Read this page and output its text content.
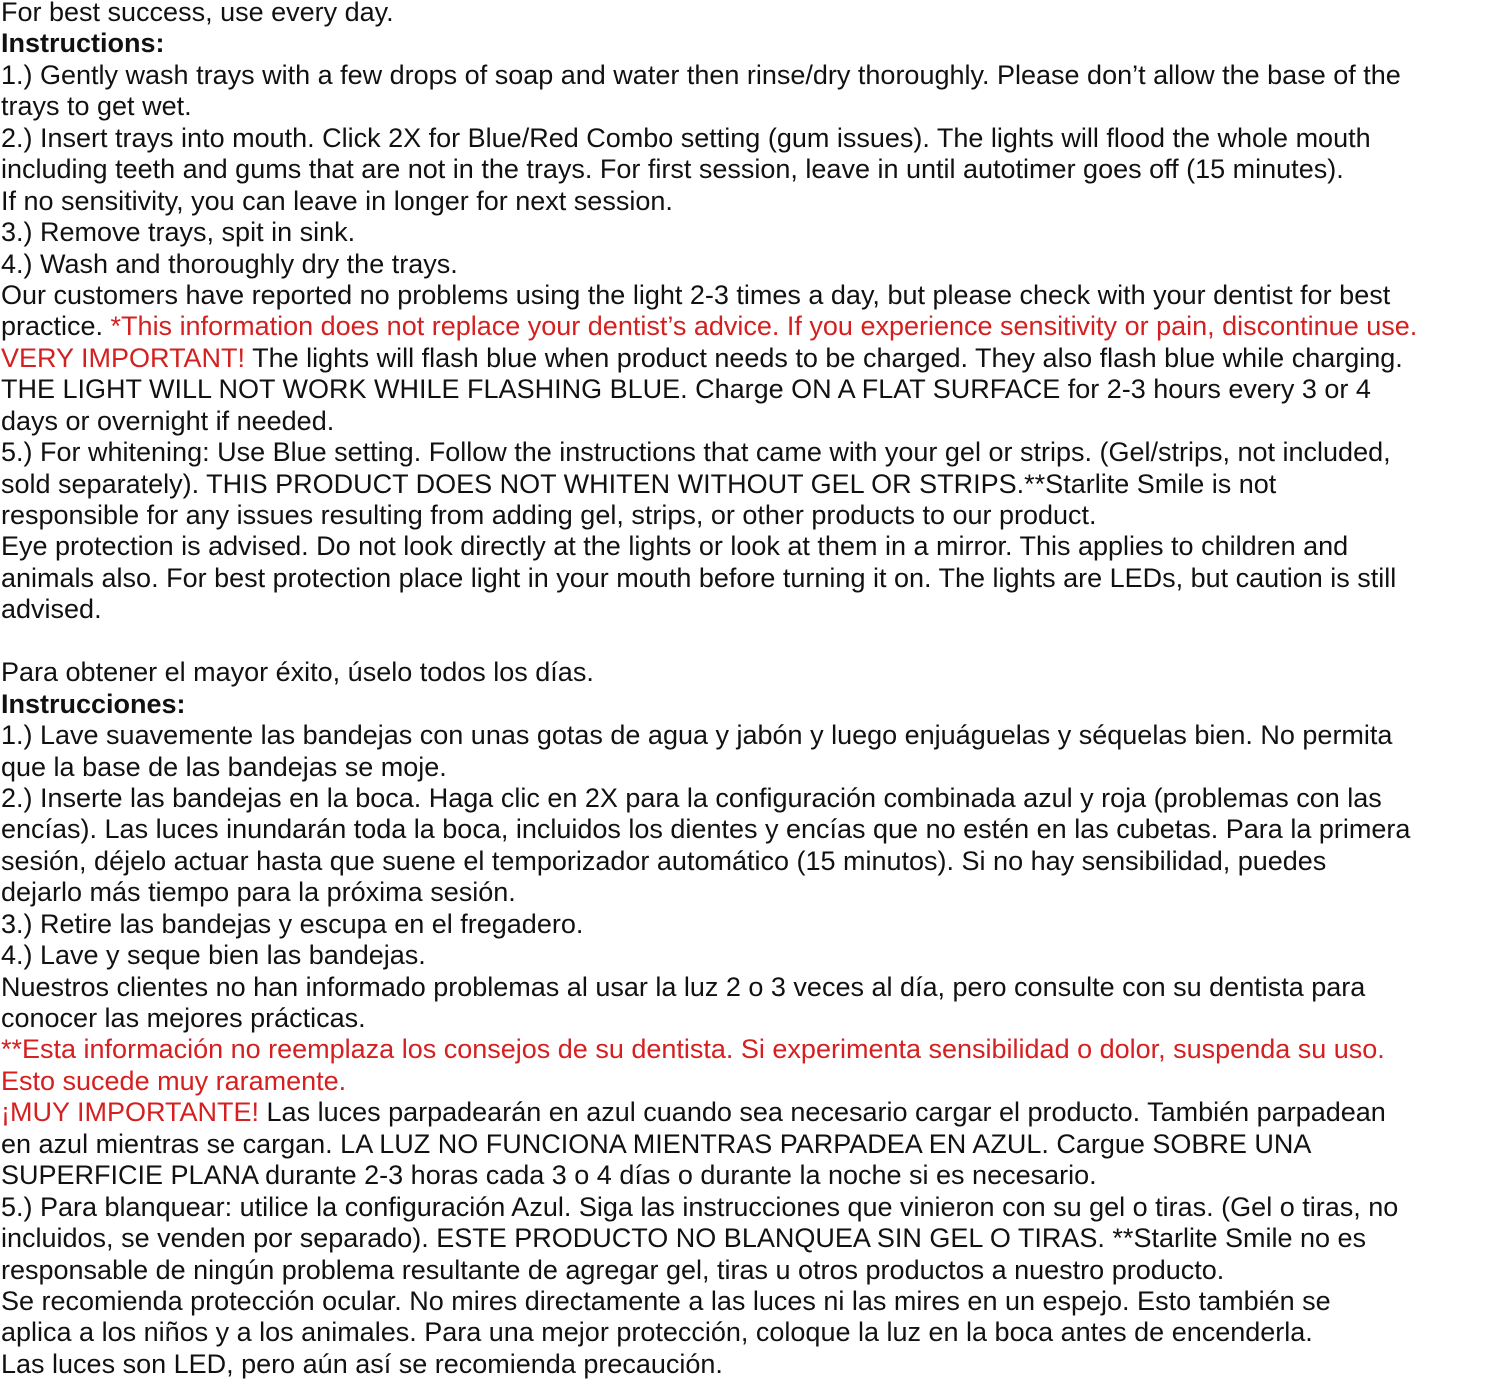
For best success, use every day.
Instructions:
1.) Gently wash trays with a few drops of soap and water then rinse/dry thoroughly. Please don’t allow the base of the
trays to get wet.
2.) Insert trays into mouth. Click 2X for Blue/Red Combo setting (gum issues). The lights will flood the whole mouth
including teeth and gums that are not in the trays. For first session, leave in until autotimer goes off (15 minutes).
If no sensitivity, you can leave in longer for next session.
3.) Remove trays, spit in sink.
4.) Wash and thoroughly dry the trays.
Our customers have reported no problems using the light 2-3 times a day, but please check with your dentist for best
practice. *This information does not replace your dentist’s advice. If you experience sensitivity or pain, discontinue use.
VERY IMPORTANT! The lights will flash blue when product needs to be charged. They also flash blue while charging.
THE LIGHT WILL NOT WORK WHILE FLASHING BLUE. Charge ON A FLAT SURFACE for 2-3 hours every 3 or 4
days or overnight if needed.
5.) For whitening: Use Blue setting. Follow the instructions that came with your gel or strips. (Gel/strips, not included,
sold separately). THIS PRODUCT DOES NOT WHITEN WITHOUT GEL OR STRIPS.**Starlite Smile is not
responsible for any issues resulting from adding gel, strips, or other products to our product.
Eye protection is advised. Do not look directly at the lights or look at them in a mirror. This applies to children and
animals also. For best protection place light in your mouth before turning it on. The lights are LEDs, but caution is still
advised.
Para obtener el mayor éxito, úselo todos los días.
Instrucciones:
1.) Lave suavemente las bandejas con unas gotas de agua y jabón y luego enjuáguelas y séquelas bien. No permita
que la base de las bandejas se moje.
2.) Inserte las bandejas en la boca. Haga clic en 2X para la configuración combinada azul y roja (problemas con las
encías). Las luces inundarán toda la boca, incluidos los dientes y encías que no estén en las cubetas. Para la primera
sesión, déjelo actuar hasta que suene el temporizador automático (15 minutos). Si no hay sensibilidad, puedes
dejarlo más tiempo para la próxima sesión.
3.) Retire las bandejas y escupa en el fregadero.
4.) Lave y seque bien las bandejas.
Nuestros clientes no han informado problemas al usar la luz 2 o 3 veces al día, pero consulte con su dentista para
conocer las mejores prácticas.
**Esta información no reemplaza los consejos de su dentista. Si experimenta sensibilidad o dolor, suspenda su uso.
Esto sucede muy raramente.
¡MUY IMPORTANTE! Las luces parpadearán en azul cuando sea necesario cargar el producto. También parpadean
en azul mientras se cargan. LA LUZ NO FUNCIONA MIENTRAS PARPADEA EN AZUL. Cargue SOBRE UNA
SUPERFICIE PLANA durante 2-3 horas cada 3 o 4 días o durante la noche si es necesario.
5.) Para blanquear: utilice la configuración Azul. Siga las instrucciones que vinieron con su gel o tiras. (Gel o tiras, no
incluidos, se venden por separado). ESTE PRODUCTO NO BLANQUEA SIN GEL O TIRAS. **Starlite Smile no es
responsable de ningún problema resultante de agregar gel, tiras u otros productos a nuestro producto.
Se recomienda protección ocular. No mires directamente a las luces ni las mires en un espejo. Esto también se
aplica a los niños y a los animales. Para una mejor protección, coloque la luz en la boca antes de encenderla.
Las luces son LED, pero aún así se recomienda precaución.
